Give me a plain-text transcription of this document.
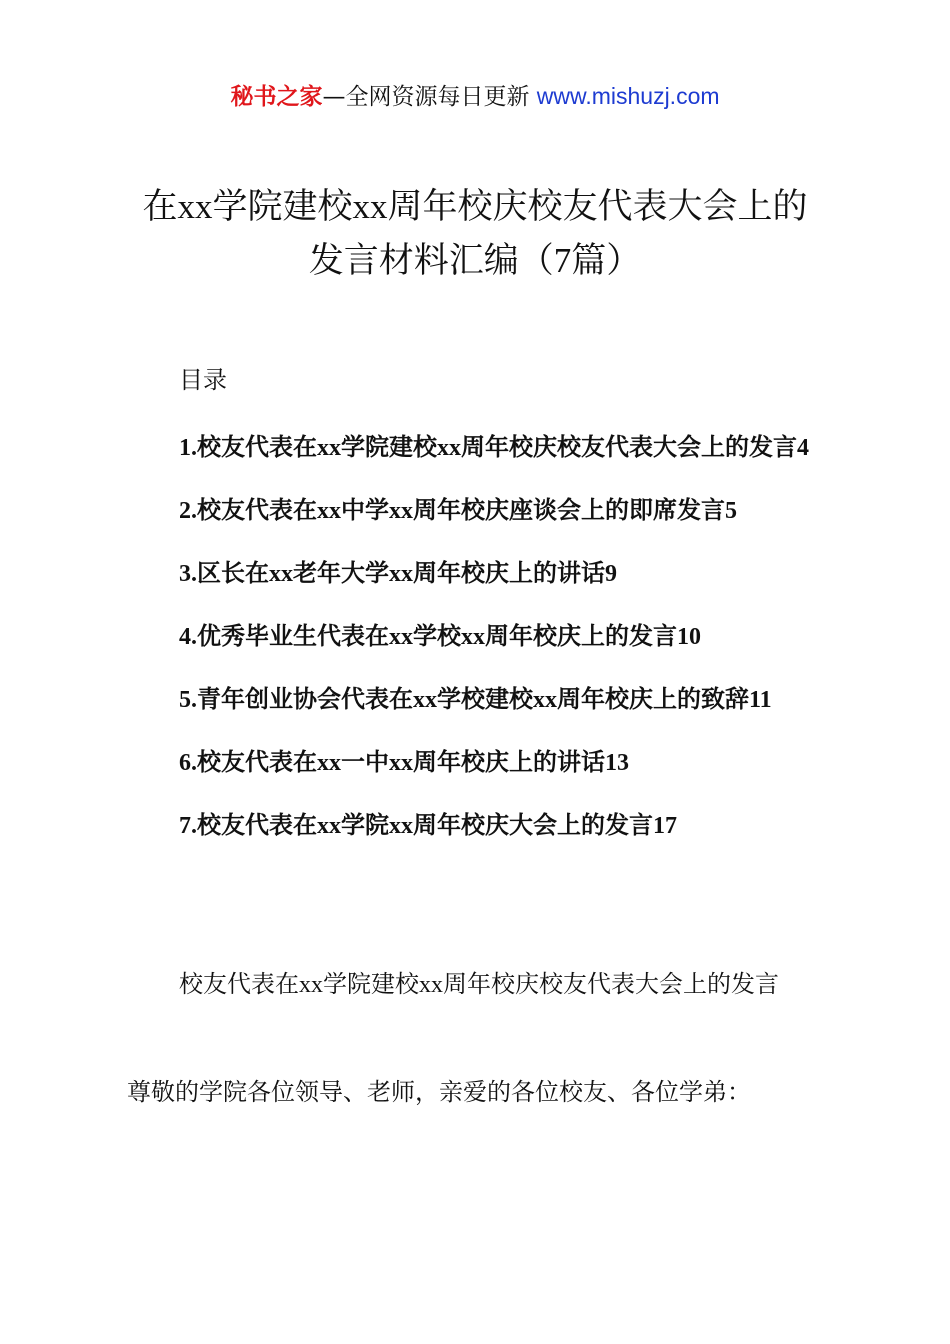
秘书之家—全网资源每日更新 www.mishuzj.com
在xx学院建校xx周年校庆校友代表大会上的
发言材料汇编（7篇）
目录
1.校友代表在xx学院建校xx周年校庆校友代表大会上的发言4
2.校友代表在xx中学xx周年校庆座谈会上的即席发言5
3.区长在xx老年大学xx周年校庆上的讲话9
4.优秀毕业生代表在xx学校xx周年校庆上的发言10
5.青年创业协会代表在xx学校建校xx周年校庆上的致辞11
6.校友代表在xx一中xx周年校庆上的讲话13
7.校友代表在xx学院xx周年校庆大会上的发言17
校友代表在xx学院建校xx周年校庆校友代表大会上的发言
尊敬的学院各位领导、老师，亲爱的各位校友、各位学弟：
